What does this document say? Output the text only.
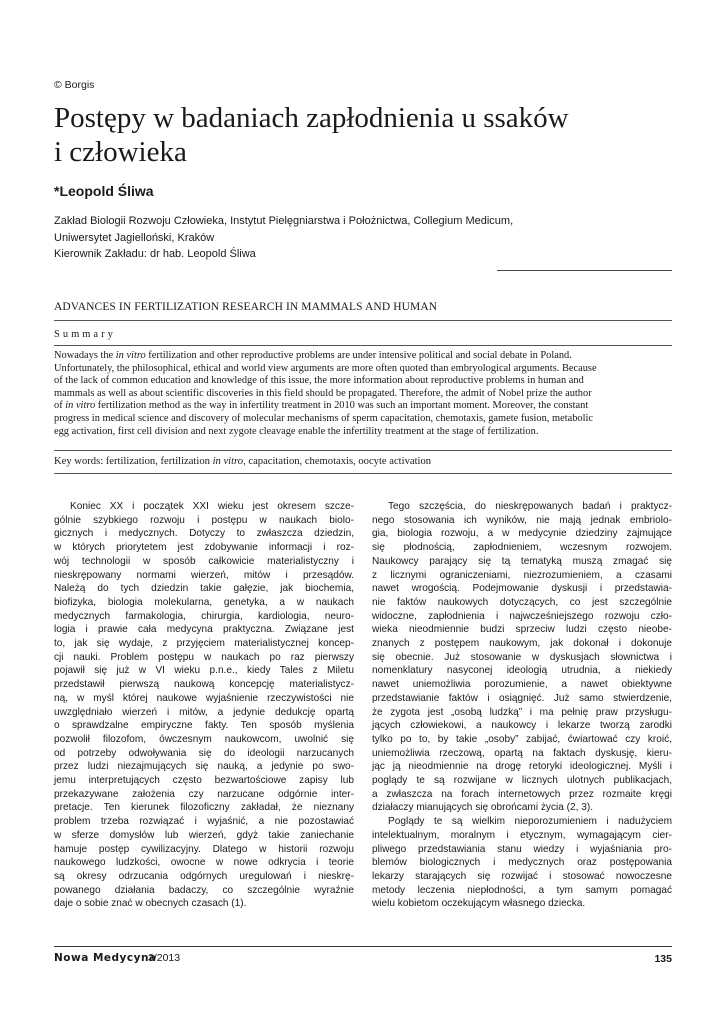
© Borgis
Postępy w badaniach zapłodnienia u ssaków
i człowieka
*Leopold Śliwa
Zakład Biologii Rozwoju Człowieka, Instytut Pielęgniarstwa i Położnictwa, Collegium Medicum,
Uniwersytet Jagielloński, Kraków
Kierownik Zakładu: dr hab. Leopold Śliwa
ADVANCES IN FERTILIZATION RESEARCH IN MAMMALS AND HUMAN
Summary
Nowadays the in vitro fertilization and other reproductive problems are under intensive political and social debate in Poland.
Unfortunately, the philosophical, ethical and world view arguments are more often quoted than embryological arguments. Because
of the lack of common education and knowledge of this issue, the more information about reproductive problems in human and
mammals as well as about scientific discoveries in this field should be propagated. Therefore, the admit of Nobel prize the author
of in vitro fertilization method as the way in infertility treatment in 2010 was such an important moment. Moreover, the constant
progress in medical science and discovery of molecular mechanisms of sperm capacitation, chemotaxis, gamete fusion, metabolic
egg activation, first cell division and next zygote cleavage enable the infertility treatment at the stage of fertilization.
Key words: fertilization, fertilization in vitro, capacitation, chemotaxis, oocyte activation
Koniec XX i początek XXI wieku jest okresem szcze-
gólnie szybkiego rozwoju i postępu w naukach biolo-
gicznych i medycznych. Dotyczy to zwłaszcza dziedzin,
w których priorytetem jest zdobywanie informacji i roz-
wój technologii w sposób całkowicie materialistyczny i
nieskrępowany normami wierzeń, mitów i przesądów.
Należą do tych dziedzin takie gałęzie, jak biochemia,
biofizyka, biologia molekularna, genetyka, a w naukach
medycznych farmakologia, chirurgia, kardiologia, neuro-
logia i prawie cała medycyna praktyczna. Związane jest
to, jak się wydaje, z przyjęciem materialistycznej koncep-
cji nauki. Problem postępu w naukach po raz pierwszy
pojawił się już w VI wieku p.n.e., kiedy Tales z Miletu
przedstawił pierwszą naukową koncepcję materialistycz-
ną, w myśl której naukowe wyjaśnienie rzeczywistości nie
uwzględniało wierzeń i mitów, a jedynie dedukcję opartą
o sprawdzalne empiryczne fakty. Ten sposób myślenia
pozwolił filozofom, ówczesnym naukowcom, uwolnić się
od potrzeby odwoływania się do ideologii narzucanych
przez ludzi niezajmujących się nauką, a jedynie po swo-
jemu interpretujących często bezwartościowe zapisy lub
przekazywane założenia czy narzucane odgórnie inter-
pretacje. Ten kierunek filozoficzny zakładał, że nieznany
problem trzeba rozwiązać i wyjaśnić, a nie pozostawiać
w sferze domysłów lub wierzeń, gdyż takie zaniechanie
hamuje postęp cywilizacyjny. Dlatego w historii rozwoju
naukowego ludzkości, owocne w nowe odkrycia i teorie
są okresy odrzucania odgórnych uregulowań i nieskrę-
powanego działania badaczy, co szczególnie wyraźnie
daje o sobie znać w obecnych czasach (1).
Tego szczęścia, do nieskrępowanych badań i praktycz-
nego stosowania ich wyników, nie mają jednak embriolo-
gia, biologia rozwoju, a w medycynie dziedziny zajmujące
się płodnością, zapłodnieniem, wczesnym rozwojem.
Naukowcy parający się tą tematyką muszą zmagać się
z licznymi ograniczeniami, niezrozumieniem, a czasami
nawet wrogością. Podejmowanie dyskusji i przedstawia-
nie faktów naukowych dotyczących, co jest szczególnie
widoczne, zapłodnienia i najwcześniejszego rozwoju czło-
wieka nieodmiennie budzi sprzeciw ludzi często nieobe-
znanych z postępem naukowym, jak dokonał i dokonuje
się obecnie. Już stosowanie w dyskusjach słownictwa i
nomenklatury nasyconej ideologią utrudnia, a niekiedy
nawet uniemożliwia porozumienie, a nawet obiektywne
przedstawianie faktów i osiągnięć. Już samo stwierdzenie,
że zygota jest „osobą ludzką” i ma pełnię praw przysługu-
jących człowiekowi, a naukowcy i lekarze tworzą zarodki
tylko po to, by takie „osoby” zabijać, ćwiartować czy kroić,
uniemożliwia rzeczową, opartą na faktach dyskusję, kieru-
jąc ją nieodmiennie na drogę retoryki ideologicznej. Myśli i
poglądy te są rozwijane w licznych ulotnych publikacjach,
a zwłaszcza na forach internetowych przez rozmaite kręgi
działaczy mianujących się obrońcami życia (2, 3).
Poglądy te są wielkim nieporozumieniem i nadużyciem
intelektualnym, moralnym i etycznym, wymagającym cier-
pliwego przedstawiania stanu wiedzy i wyjaśniania pro-
blemów biologicznych i medycznych oraz postępowania
lekarzy starających się rozwijać i stosować nowoczesne
metody leczenia niepłodności, a tym samym pomagać
wielu kobietom oczekującym własnego dziecka.
Nowa Medycyna
3/2013	135
